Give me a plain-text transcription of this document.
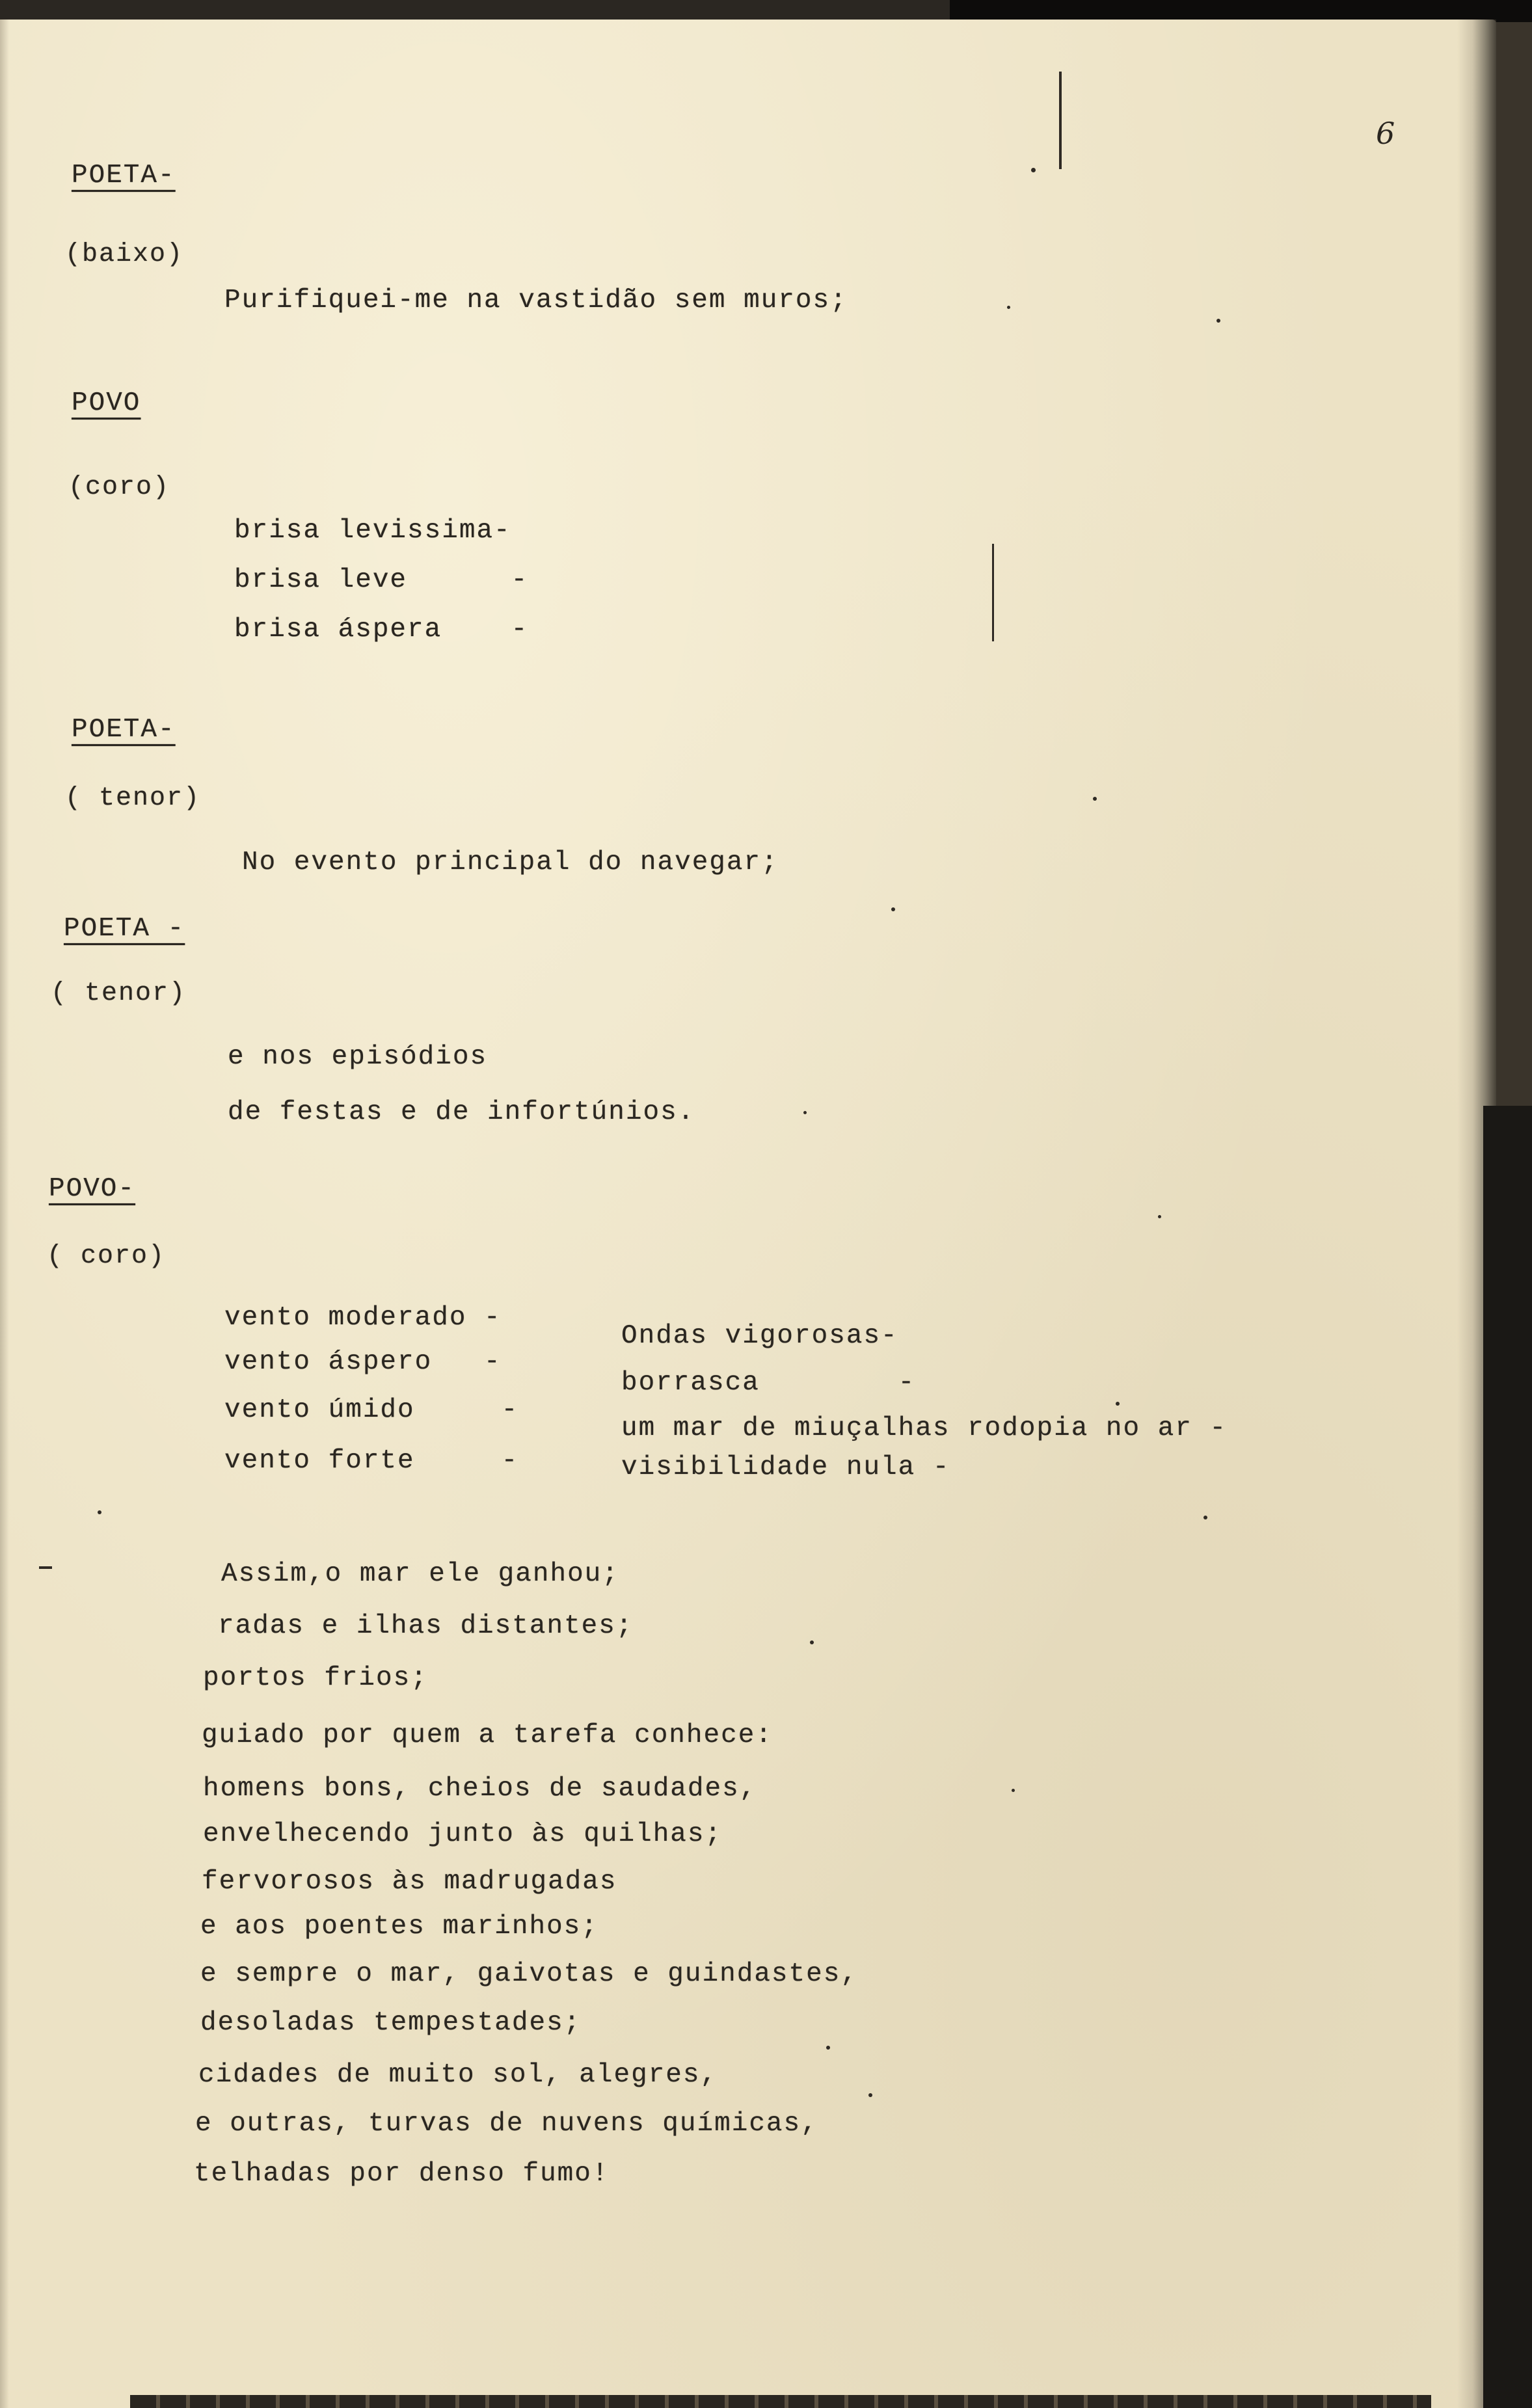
6
POETA-
(baixo)
Purifiquei-me na vastidão sem muros;
POVO
(coro)
brisa levissima-
brisa leve      -
brisa áspera    -
POETA-
( tenor)
No evento principal do navegar;
POETA -
( tenor)
e nos episódios
de festas e de infortúnios.
POVO-
( coro)
vento moderado -
vento áspero   -
vento úmido     -
vento forte     -
Ondas vigorosas-
borrasca        -
um mar de miuçalhas rodopia no ar -
visibilidade nula -
Assim,o mar ele ganhou;
radas e ilhas distantes;
portos frios;
guiado por quem a tarefa conhece:
homens bons, cheios de saudades,
envelhecendo junto às quilhas;
fervorosos às madrugadas
e aos poentes marinhos;
e sempre o mar, gaivotas e guindastes,
desoladas tempestades;
cidades de muito sol, alegres,
e outras, turvas de nuvens químicas,
telhadas por denso fumo!
